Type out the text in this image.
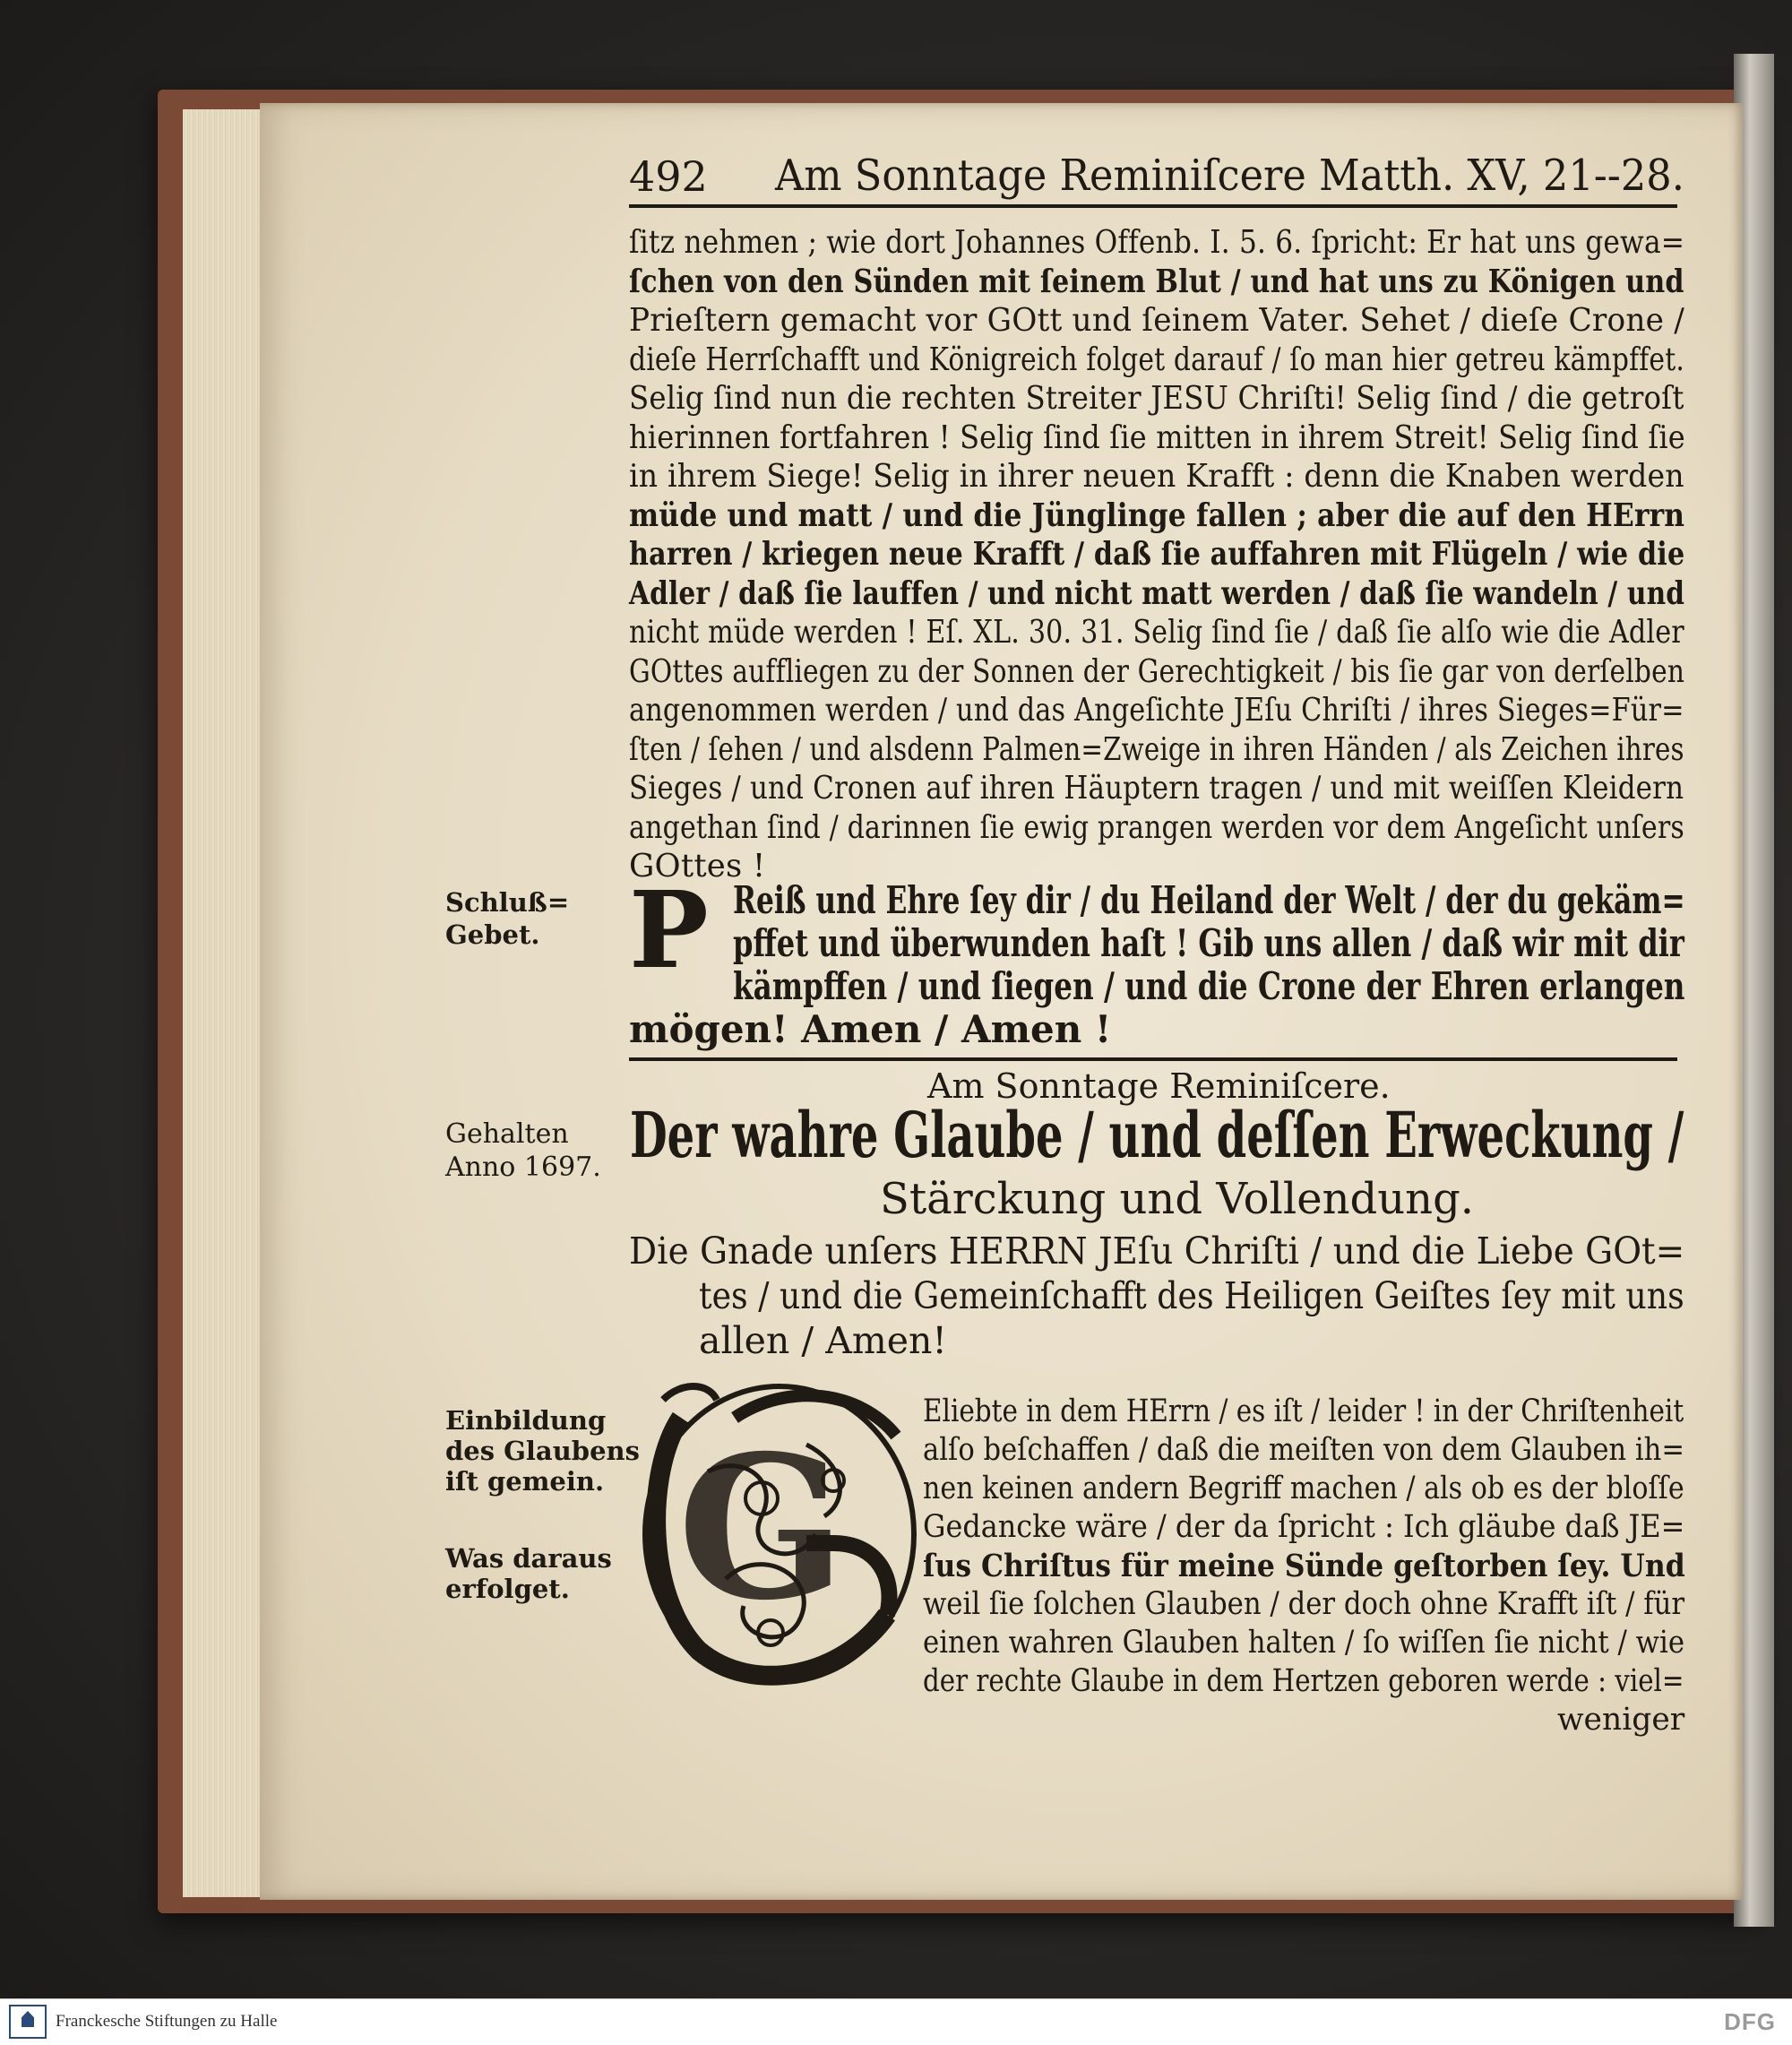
492 Am Sonntage Reminiſcere Matth. XV, 21--28.
ſitz nehmen ; wie dort Johannes Offenb. I. 5. 6. ſpricht: Er hat uns gewa=
ſchen von den Sünden mit ſeinem Blut / und hat uns zu Königen und
Prieſtern gemacht vor GOtt und ſeinem Vater. Sehet / dieſe Crone /
dieſe Herrſchafft und Königreich folget darauf / ſo man hier getreu kämpffet.
Selig ſind nun die rechten Streiter JESU Chriſti! Selig ſind / die getroſt
hierinnen fortfahren ! Selig ſind ſie mitten in ihrem Streit! Selig ſind ſie
in ihrem Siege! Selig in ihrer neuen Krafft : denn die Knaben werden
müde und matt / und die Jünglinge fallen ; aber die auf den HErrn
harren / kriegen neue Krafft / daß ſie auffahren mit Flügeln / wie die
Adler / daß ſie lauffen / und nicht matt werden / daß ſie wandeln / und
nicht müde werden ! Eſ. XL. 30. 31. Selig ſind ſie / daß ſie alſo wie die Adler
GOttes auffliegen zu der Sonnen der Gerechtigkeit / bis ſie gar von derſelben
angenommen werden / und das Angeſichte JEſu Chriſti / ihres Sieges=Für=
ſten / ſehen / und alsdenn Palmen=Zweige in ihren Händen / als Zeichen ihres
Sieges / und Cronen auf ihren Häuptern tragen / und mit weiſſen Kleidern
angethan ſind / darinnen ſie ewig prangen werden vor dem Angeſicht unſers
GOttes !
Schluß=
Gebet. P Reiß und Ehre ſey dir / du Heiland der Welt / der du gekäm=
pffet und überwunden haſt ! Gib uns allen / daß wir mit dir
kämpffen / und ſiegen / und die Crone der Ehren erlangen
mögen! Amen / Amen !
Am Sonntage Reminiſcere.
Gehalten
Anno 1697. Der wahre Glaube / und deſſen Erweckung /
Stärckung und Vollendung.
Die Gnade unſers HERRN JEſu Chriſti / und die Liebe GOt=
tes / und die Gemeinſchafft des Heiligen Geiſtes ſey mit uns
allen / Amen!
Einbildung
des Glaubens
iſt gemein.
Was daraus
erfolget. G Eliebte in dem HErrn / es iſt / leider ! in der Chriſtenheit
alſo beſchaffen / daß die meiſten von dem Glauben ih=
nen keinen andern Begriff machen / als ob es der bloſſe
Gedancke wäre / der da ſpricht : Ich gläube daß JE=
ſus Chriſtus für meine Sünde geſtorben ſey. Und
weil ſie ſolchen Glauben / der doch ohne Krafft iſt / für
einen wahren Glauben halten / ſo wiſſen ſie nicht / wie
der rechte Glaube in dem Hertzen geboren werde : viel=
weniger
Franckesche Stiftungen zu Halle	DFG
